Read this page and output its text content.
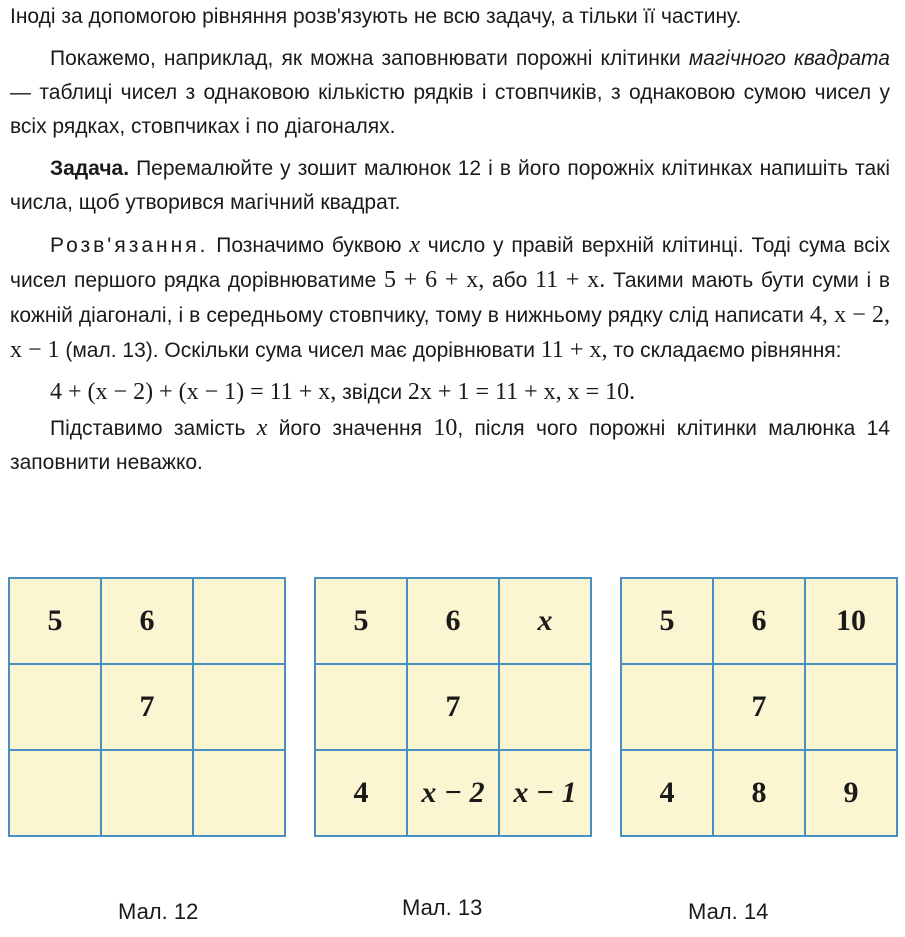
Іноді за допомогою рівняння розв'язують не всю задачу, а тільки її частину.

Покажемо, наприклад, як можна заповнювати порожні клітинки магічного квадрата — таблиці чисел з однаковою кількістю рядків і стовпчиків, з однаковою сумою чисел у всіх рядках, стовпчиках і по діагоналях.

Задача. Перемалюйте у зошит малюнок 12 і в його порожніх клітинках напишіть такі числа, щоб утворився магічний квадрат.

Розв'язання. Позначимо буквою x число у правій верхній клітинці. Тоді сума всіх чисел першого рядка дорівнюватиме 5 + 6 + x, або 11 + x. Такими мають бути суми і в кожній діагоналі, і в середньому стовпчику, тому в нижньому рядку слід написати 4, x − 2, x − 1 (мал. 13). Оскільки сума чисел має дорівнювати 11 + x, то складаємо рівняння:

4 + (x − 2) + (x − 1) = 11 + x, звідси 2x + 1 = 11 + x, x = 10.

Підставимо замість x його значення 10, після чого порожні клітинки малюнка 14 заповнити неважко.

5	6	
	7	

Мал. 12
5	6	x
	7	
4	x − 2	x − 1
Мал. 13
5	6	10
	7	
4	8	9
Мал. 14
